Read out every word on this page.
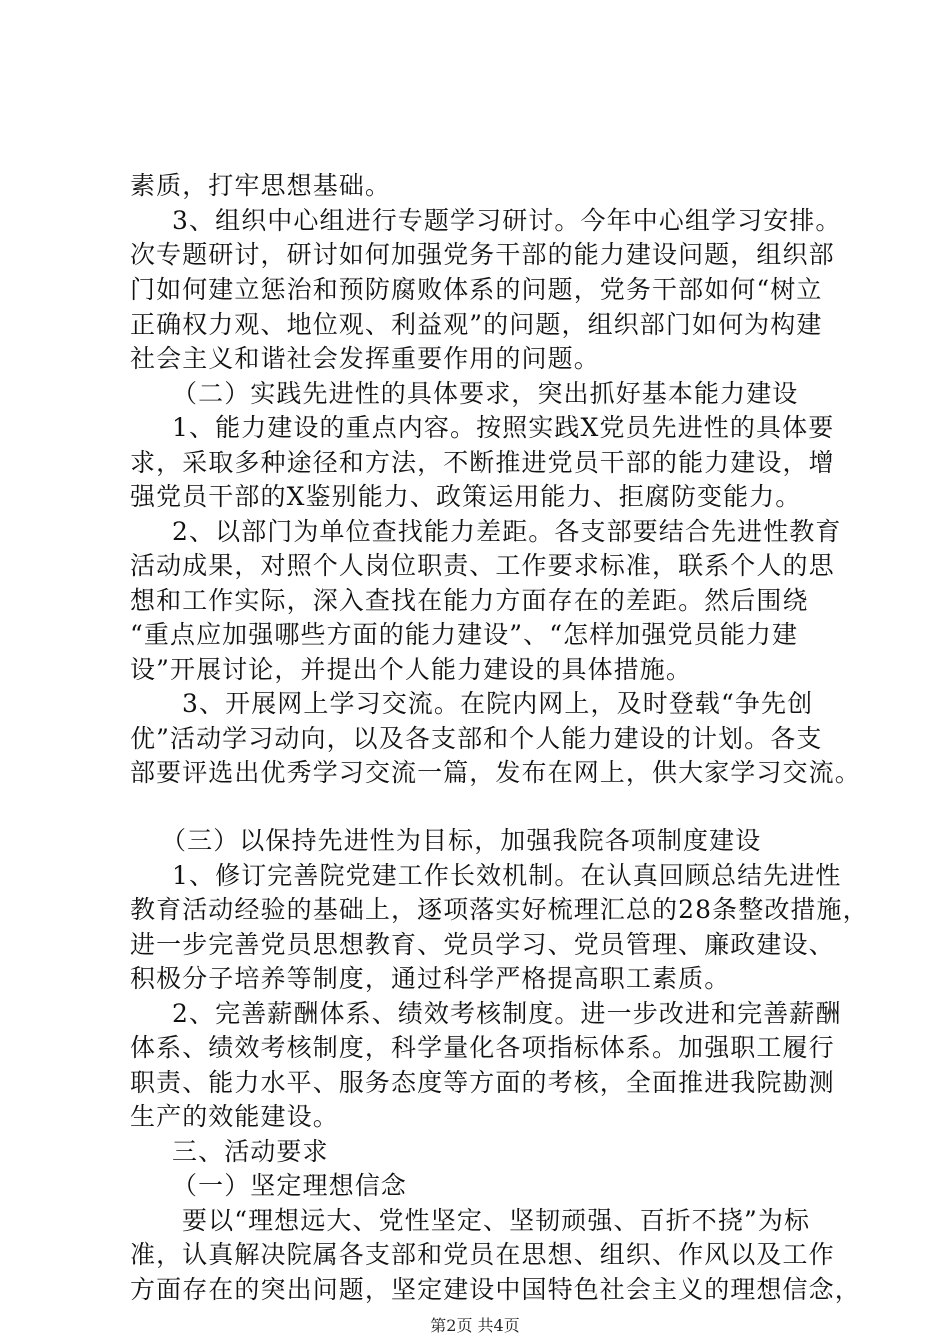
素质，打牢思想基础。
3、组织中心组进行专题学习研讨。今年中心组学习安排。
次专题研讨，研讨如何加强党务干部的能力建设问题，组织部
门如何建立惩治和预防腐败体系的问题，党务干部如何“树立
正确权力观、地位观、利益观”的问题，组织部门如何为构建
社会主义和谐社会发挥重要作用的问题。
（二）实践先进性的具体要求，突出抓好基本能力建设
1、能力建设的重点内容。按照实践X党员先进性的具体要
求，采取多种途径和方法，不断推进党员干部的能力建设，增
强党员干部的X鉴别能力、政策运用能力、拒腐防变能力。
2、以部门为单位查找能力差距。各支部要结合先进性教育
活动成果，对照个人岗位职责、工作要求标准，联系个人的思
想和工作实际，深入查找在能力方面存在的差距。然后围绕
“重点应加强哪些方面的能力建设”、“怎样加强党员能力建
设”开展讨论，并提出个人能力建设的具体措施。
3、开展网上学习交流。在院内网上，及时登载“争先创
优”活动学习动向，以及各支部和个人能力建设的计划。各支
部要评选出优秀学习交流一篇，发布在网上，供大家学习交流。
（三）以保持先进性为目标，加强我院各项制度建设
1、修订完善院党建工作长效机制。在认真回顾总结先进性
教育活动经验的基础上，逐项落实好梳理汇总的28条整改措施，
进一步完善党员思想教育、党员学习、党员管理、廉政建设、
积极分子培养等制度，通过科学严格提高职工素质。
2、完善薪酬体系、绩效考核制度。进一步改进和完善薪酬
体系、绩效考核制度，科学量化各项指标体系。加强职工履行
职责、能力水平、服务态度等方面的考核，全面推进我院勘测
生产的效能建设。
三、活动要求
（一）坚定理想信念
要以“理想远大、党性坚定、坚韧顽强、百折不挠”为标
准，认真解决院属各支部和党员在思想、组织、作风以及工作
方面存在的突出问题，坚定建设中国特色社会主义的理想信念，
第2页 共4页
